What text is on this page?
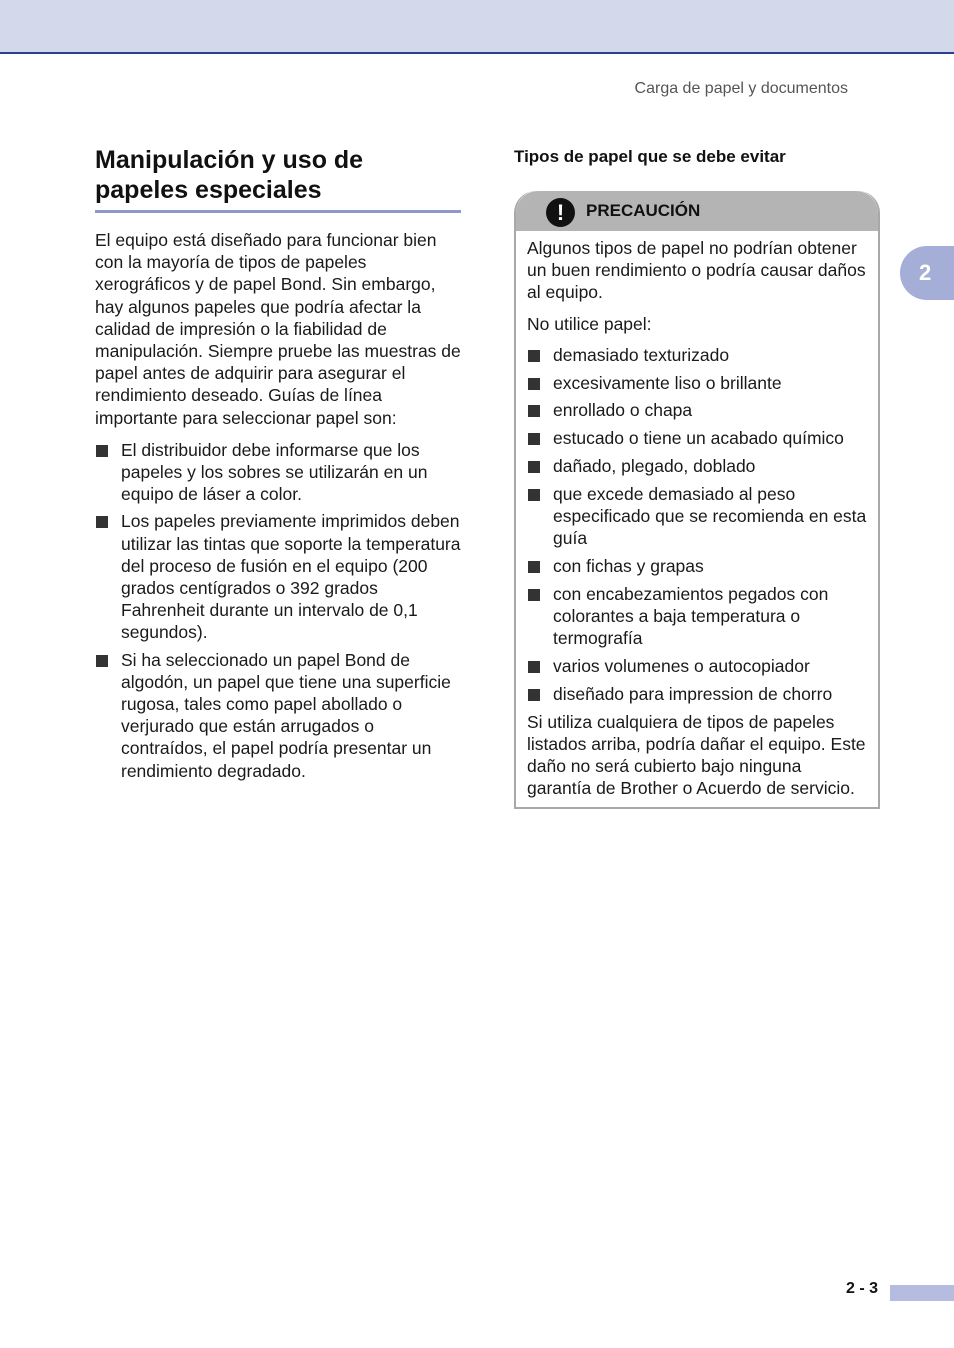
Carga de papel y documentos
2
Manipulación y uso de
papeles especiales

El equipo está diseñado para funcionar bien con la mayoría de tipos de papeles xerográficos y de papel Bond. Sin embargo, hay algunos papeles que podría afectar la calidad de impresión o la fiabilidad de manipulación. Siempre pruebe las muestras de papel antes de adquirir para asegurar el rendimiento deseado. Guías de línea importante para seleccionar papel son:

El distribuidor debe informarse que los papeles y los sobres se utilizarán en un equipo de láser a color.
Los papeles previamente imprimidos deben utilizar las tintas que soporte la temperatura del proceso de fusión en el equipo (200 grados centígrados o 392 grados Fahrenheit durante un intervalo de 0,1 segundos).
Si ha seleccionado un papel Bond de algodón, un papel que tiene una superficie rugosa, tales como papel abollado o verjurado que están arrugados o contraídos, el papel podría presentar un rendimiento degradado.
Tipos de papel que se debe evitar
!	PRECAUCIÓN

Algunos tipos de papel no podrían obtener un buen rendimiento o podría causar daños al equipo.

No utilice papel:

demasiado texturizado
excesivamente liso o brillante
enrollado o chapa
estucado o tiene un acabado químico
dañado, plegado, doblado
que excede demasiado al peso especificado que se recomienda en esta guía
con fichas y grapas
con encabezamientos pegados con colorantes a baja temperatura o termografía
varios volumenes o autocopiador
diseñado para impression de chorro

Si utiliza cualquiera de tipos de papeles listados arriba, podría dañar el equipo. Este daño no será cubierto bajo ninguna garantía de Brother o Acuerdo de servicio.

2 - 3
